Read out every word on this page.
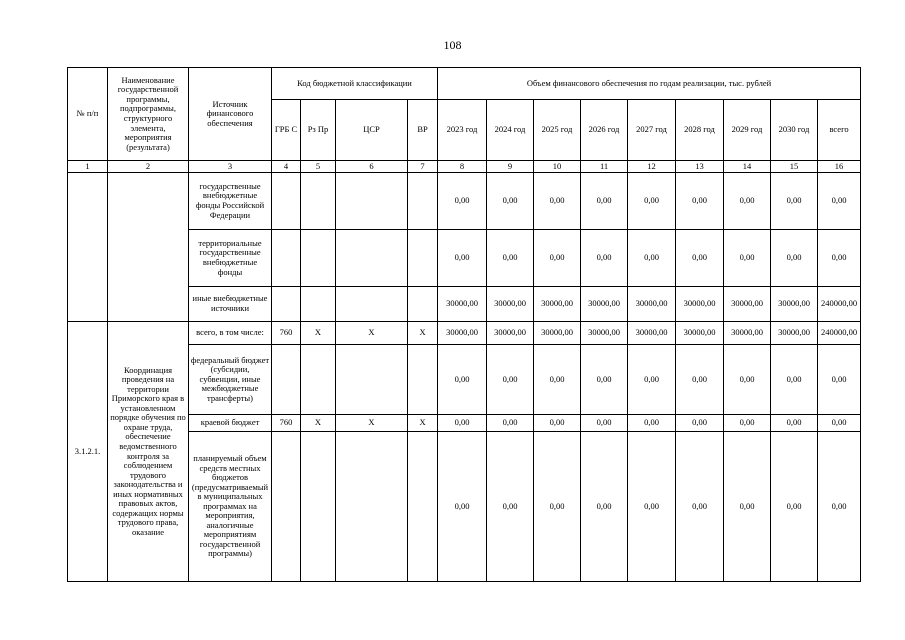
108
№ п/п	Наименование государственной программы, подпрограммы, структурного элемента, мероприятия (результата)	Источник финансового обеспечения	Код бюджетной классификации				Объем финансового обеспечения по годам реализации, тыс. рублей								
			ГРБ С	Рз Пр	ЦСР	ВР	2023 год	2024 год	2025 год	2026 год	2027 год	2028 год	2029 год	2030 год	всего
1	2	3	4	5	6	7	8	9	10	11	12	13	14	15	16
		государственные внебюджетные фонды Российской Федерации					0,00	0,00	0,00	0,00	0,00	0,00	0,00	0,00	0,00
		территориальные государственные внебюджетные фонды					0,00	0,00	0,00	0,00	0,00	0,00	0,00	0,00	0,00
		иные внебюджетные источники					30000,00	30000,00	30000,00	30000,00	30000,00	30000,00	30000,00	30000,00	240000,00
3.1.2.1.	Координация проведения на территории Приморского края в установленном порядке обучения по охране труда, обеспечение ведомственного контроля за соблюдением трудового законодательства и иных нормативных правовых актов, содержащих нормы трудового права, оказание	всего, в том числе:	760	X	X	X	30000,00	30000,00	30000,00	30000,00	30000,00	30000,00	30000,00	30000,00	240000,00
		федеральный бюджет (субсидии, субвенции, иные межбюджетные трансферты)					0,00	0,00	0,00	0,00	0,00	0,00	0,00	0,00	0,00
		краевой бюджет	760	X	X	X	0,00	0,00	0,00	0,00	0,00	0,00	0,00	0,00	0,00
		планируемый объем средств местных бюджетов (предусматриваемый в муниципальных программах на мероприятия, аналогичные мероприятиям государственной программы)					0,00	0,00	0,00	0,00	0,00	0,00	0,00	0,00	0,00
